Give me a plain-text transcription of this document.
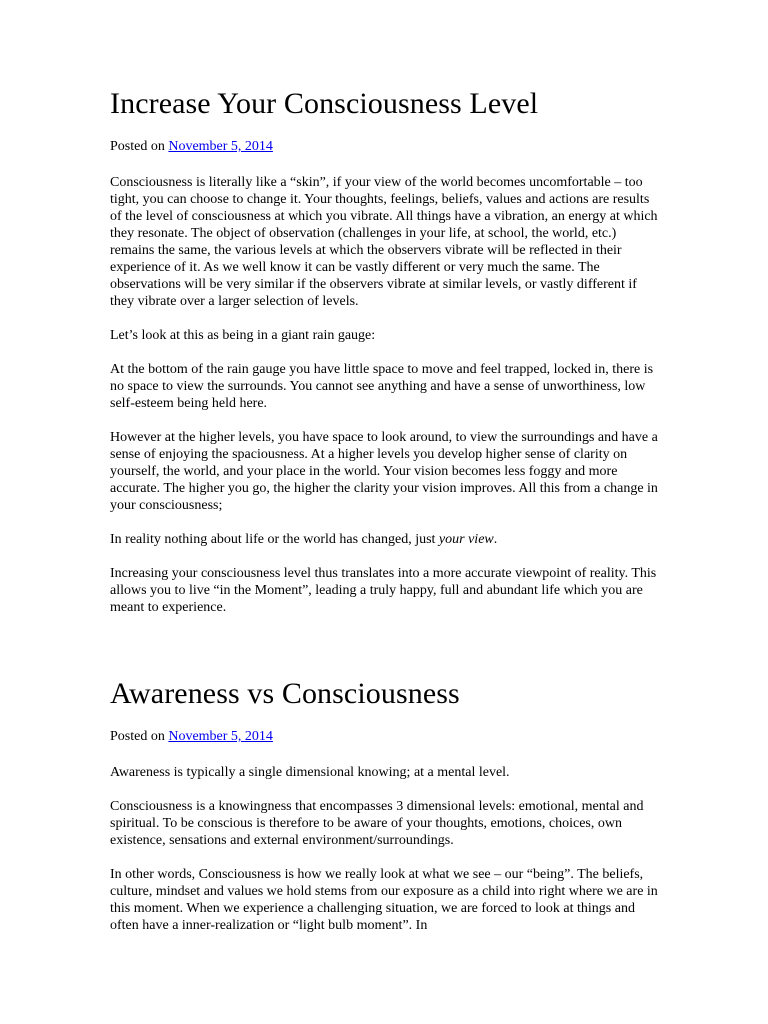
Increase Your Consciousness Level
Posted on November 5, 2014

Consciousness is literally like a “skin”, if your view of the world becomes uncomfortable – too tight, you can choose to change it. Your thoughts, feelings, beliefs, values and actions are results of the level of consciousness at which you vibrate. All things have a vibration, an energy at which they resonate. The object of observation (challenges in your life, at school, the world, etc.) remains the same, the various levels at which the observers vibrate will be reflected in their experience of it. As we well know it can be vastly different or very much the same. The observations will be very similar if the observers vibrate at similar levels, or vastly different if they vibrate over a larger selection of levels.

Let’s look at this as being in a giant rain gauge:

At the bottom of the rain gauge you have little space to move and feel trapped, locked in, there is no space to view the surrounds. You cannot see anything and have a sense of unworthiness, low self-esteem being held here.

However at the higher levels, you have space to look around, to view the surroundings and have a sense of enjoying the spaciousness. At a higher levels you develop higher sense of clarity on yourself, the world, and your place in the world. Your vision becomes less foggy and more accurate. The higher you go, the higher the clarity your vision improves. All this from a change in your consciousness;

In reality nothing about life or the world has changed, just your view.

Increasing your consciousness level thus translates into a more accurate viewpoint of reality. This allows you to live “in the Moment”, leading a truly happy, full and abundant life which you are meant to experience.

Awareness vs Consciousness
Posted on November 5, 2014

Awareness is typically a single dimensional knowing; at a mental level.

Consciousness is a knowingness that encompasses 3 dimensional levels: emotional, mental and spiritual. To be conscious is therefore to be aware of your thoughts, emotions, choices, own existence, sensations and external environment/surroundings.

In other words, Consciousness is how we really look at what we see – our “being”. The beliefs, culture, mindset and values we hold stems from our exposure as a child into right where we are in this moment. When we experience a challenging situation, we are forced to look at things and often have a inner-realization or “light bulb moment”. In
